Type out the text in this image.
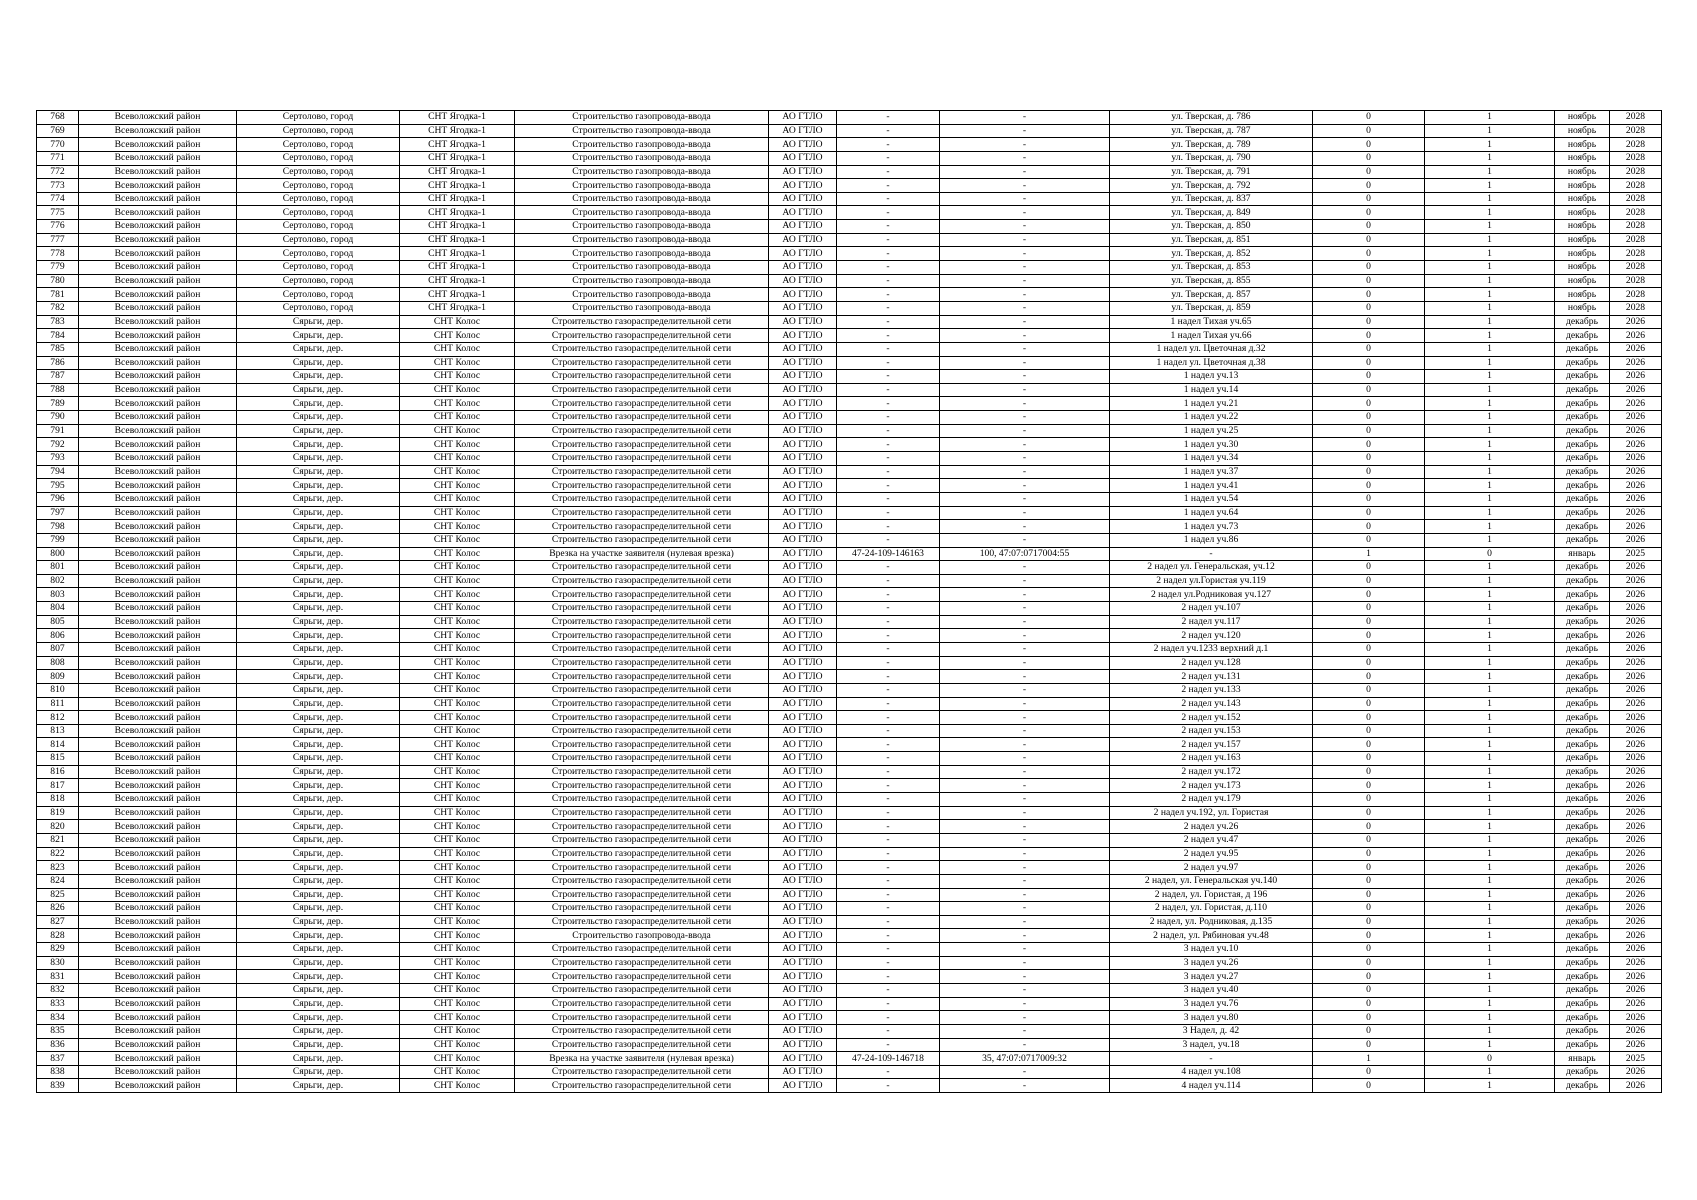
768	Всеволожский район	Сертолово, город	СНТ Ягодка-1	Строительство газопровода-ввода	АО ГТЛО	-	-	ул. Тверская, д. 786	0	1	ноябрь	2028
769	Всеволожский район	Сертолово, город	СНТ Ягодка-1	Строительство газопровода-ввода	АО ГТЛО	-	-	ул. Тверская, д. 787	0	1	ноябрь	2028
770	Всеволожский район	Сертолово, город	СНТ Ягодка-1	Строительство газопровода-ввода	АО ГТЛО	-	-	ул. Тверская, д. 789	0	1	ноябрь	2028
771	Всеволожский район	Сертолово, город	СНТ Ягодка-1	Строительство газопровода-ввода	АО ГТЛО	-	-	ул. Тверская, д. 790	0	1	ноябрь	2028
772	Всеволожский район	Сертолово, город	СНТ Ягодка-1	Строительство газопровода-ввода	АО ГТЛО	-	-	ул. Тверская, д. 791	0	1	ноябрь	2028
773	Всеволожский район	Сертолово, город	СНТ Ягодка-1	Строительство газопровода-ввода	АО ГТЛО	-	-	ул. Тверская, д. 792	0	1	ноябрь	2028
774	Всеволожский район	Сертолово, город	СНТ Ягодка-1	Строительство газопровода-ввода	АО ГТЛО	-	-	ул. Тверская, д. 837	0	1	ноябрь	2028
775	Всеволожский район	Сертолово, город	СНТ Ягодка-1	Строительство газопровода-ввода	АО ГТЛО	-	-	ул. Тверская, д. 849	0	1	ноябрь	2028
776	Всеволожский район	Сертолово, город	СНТ Ягодка-1	Строительство газопровода-ввода	АО ГТЛО	-	-	ул. Тверская, д. 850	0	1	ноябрь	2028
777	Всеволожский район	Сертолово, город	СНТ Ягодка-1	Строительство газопровода-ввода	АО ГТЛО	-	-	ул. Тверская, д. 851	0	1	ноябрь	2028
778	Всеволожский район	Сертолово, город	СНТ Ягодка-1	Строительство газопровода-ввода	АО ГТЛО	-	-	ул. Тверская, д. 852	0	1	ноябрь	2028
779	Всеволожский район	Сертолово, город	СНТ Ягодка-1	Строительство газопровода-ввода	АО ГТЛО	-	-	ул. Тверская, д. 853	0	1	ноябрь	2028
780	Всеволожский район	Сертолово, город	СНТ Ягодка-1	Строительство газопровода-ввода	АО ГТЛО	-	-	ул. Тверская, д. 855	0	1	ноябрь	2028
781	Всеволожский район	Сертолово, город	СНТ Ягодка-1	Строительство газопровода-ввода	АО ГТЛО	-	-	ул. Тверская, д. 857	0	1	ноябрь	2028
782	Всеволожский район	Сертолово, город	СНТ Ягодка-1	Строительство газопровода-ввода	АО ГТЛО	-	-	ул. Тверская, д. 859	0	1	ноябрь	2028
783	Всеволожский район	Сярьги, дер.	СНТ Колос	Строительство газораспределительной сети	АО ГТЛО	-	-	1 надел Тихая уч.65	0	1	декабрь	2026
784	Всеволожский район	Сярьги, дер.	СНТ Колос	Строительство газораспределительной сети	АО ГТЛО	-	-	1 надел Тихая уч.66	0	1	декабрь	2026
785	Всеволожский район	Сярьги, дер.	СНТ Колос	Строительство газораспределительной сети	АО ГТЛО	-	-	1 надел ул. Цветочная д.32	0	1	декабрь	2026
786	Всеволожский район	Сярьги, дер.	СНТ Колос	Строительство газораспределительной сети	АО ГТЛО	-	-	1 надел ул. Цветочная д.38	0	1	декабрь	2026
787	Всеволожский район	Сярьги, дер.	СНТ Колос	Строительство газораспределительной сети	АО ГТЛО	-	-	1 надел уч.13	0	1	декабрь	2026
788	Всеволожский район	Сярьги, дер.	СНТ Колос	Строительство газораспределительной сети	АО ГТЛО	-	-	1 надел уч.14	0	1	декабрь	2026
789	Всеволожский район	Сярьги, дер.	СНТ Колос	Строительство газораспределительной сети	АО ГТЛО	-	-	1 надел уч.21	0	1	декабрь	2026
790	Всеволожский район	Сярьги, дер.	СНТ Колос	Строительство газораспределительной сети	АО ГТЛО	-	-	1 надел уч.22	0	1	декабрь	2026
791	Всеволожский район	Сярьги, дер.	СНТ Колос	Строительство газораспределительной сети	АО ГТЛО	-	-	1 надел уч.25	0	1	декабрь	2026
792	Всеволожский район	Сярьги, дер.	СНТ Колос	Строительство газораспределительной сети	АО ГТЛО	-	-	1 надел уч.30	0	1	декабрь	2026
793	Всеволожский район	Сярьги, дер.	СНТ Колос	Строительство газораспределительной сети	АО ГТЛО	-	-	1 надел уч.34	0	1	декабрь	2026
794	Всеволожский район	Сярьги, дер.	СНТ Колос	Строительство газораспределительной сети	АО ГТЛО	-	-	1 надел уч.37	0	1	декабрь	2026
795	Всеволожский район	Сярьги, дер.	СНТ Колос	Строительство газораспределительной сети	АО ГТЛО	-	-	1 надел уч.41	0	1	декабрь	2026
796	Всеволожский район	Сярьги, дер.	СНТ Колос	Строительство газораспределительной сети	АО ГТЛО	-	-	1 надел уч.54	0	1	декабрь	2026
797	Всеволожский район	Сярьги, дер.	СНТ Колос	Строительство газораспределительной сети	АО ГТЛО	-	-	1 надел уч.64	0	1	декабрь	2026
798	Всеволожский район	Сярьги, дер.	СНТ Колос	Строительство газораспределительной сети	АО ГТЛО	-	-	1 надел уч.73	0	1	декабрь	2026
799	Всеволожский район	Сярьги, дер.	СНТ Колос	Строительство газораспределительной сети	АО ГТЛО	-	-	1 надел уч.86	0	1	декабрь	2026
800	Всеволожский район	Сярьги, дер.	СНТ Колос	Врезка на участке заявителя (нулевая врезка)	АО ГТЛО	47-24-109-146163	100, 47:07:0717004:55	-	1	0	январь	2025
801	Всеволожский район	Сярьги, дер.	СНТ Колос	Строительство газораспределительной сети	АО ГТЛО	-	-	2 надел ул. Генеральская, уч.12	0	1	декабрь	2026
802	Всеволожский район	Сярьги, дер.	СНТ Колос	Строительство газораспределительной сети	АО ГТЛО	-	-	2 надел ул.Гористая уч.119	0	1	декабрь	2026
803	Всеволожский район	Сярьги, дер.	СНТ Колос	Строительство газораспределительной сети	АО ГТЛО	-	-	2 надел ул.Родниковая уч.127	0	1	декабрь	2026
804	Всеволожский район	Сярьги, дер.	СНТ Колос	Строительство газораспределительной сети	АО ГТЛО	-	-	2 надел уч.107	0	1	декабрь	2026
805	Всеволожский район	Сярьги, дер.	СНТ Колос	Строительство газораспределительной сети	АО ГТЛО	-	-	2 надел уч.117	0	1	декабрь	2026
806	Всеволожский район	Сярьги, дер.	СНТ Колос	Строительство газораспределительной сети	АО ГТЛО	-	-	2 надел уч.120	0	1	декабрь	2026
807	Всеволожский район	Сярьги, дер.	СНТ Колос	Строительство газораспределительной сети	АО ГТЛО	-	-	2 надел уч.1233 верхний д.1	0	1	декабрь	2026
808	Всеволожский район	Сярьги, дер.	СНТ Колос	Строительство газораспределительной сети	АО ГТЛО	-	-	2 надел уч.128	0	1	декабрь	2026
809	Всеволожский район	Сярьги, дер.	СНТ Колос	Строительство газораспределительной сети	АО ГТЛО	-	-	2 надел уч.131	0	1	декабрь	2026
810	Всеволожский район	Сярьги, дер.	СНТ Колос	Строительство газораспределительной сети	АО ГТЛО	-	-	2 надел уч.133	0	1	декабрь	2026
811	Всеволожский район	Сярьги, дер.	СНТ Колос	Строительство газораспределительной сети	АО ГТЛО	-	-	2 надел уч.143	0	1	декабрь	2026
812	Всеволожский район	Сярьги, дер.	СНТ Колос	Строительство газораспределительной сети	АО ГТЛО	-	-	2 надел уч.152	0	1	декабрь	2026
813	Всеволожский район	Сярьги, дер.	СНТ Колос	Строительство газораспределительной сети	АО ГТЛО	-	-	2 надел уч.153	0	1	декабрь	2026
814	Всеволожский район	Сярьги, дер.	СНТ Колос	Строительство газораспределительной сети	АО ГТЛО	-	-	2 надел уч.157	0	1	декабрь	2026
815	Всеволожский район	Сярьги, дер.	СНТ Колос	Строительство газораспределительной сети	АО ГТЛО	-	-	2 надел уч.163	0	1	декабрь	2026
816	Всеволожский район	Сярьги, дер.	СНТ Колос	Строительство газораспределительной сети	АО ГТЛО	-	-	2 надел уч.172	0	1	декабрь	2026
817	Всеволожский район	Сярьги, дер.	СНТ Колос	Строительство газораспределительной сети	АО ГТЛО	-	-	2 надел уч.173	0	1	декабрь	2026
818	Всеволожский район	Сярьги, дер.	СНТ Колос	Строительство газораспределительной сети	АО ГТЛО	-	-	2 надел уч.179	0	1	декабрь	2026
819	Всеволожский район	Сярьги, дер.	СНТ Колос	Строительство газораспределительной сети	АО ГТЛО	-	-	2 надел уч.192, ул. Гористая	0	1	декабрь	2026
820	Всеволожский район	Сярьги, дер.	СНТ Колос	Строительство газораспределительной сети	АО ГТЛО	-	-	2 надел уч.26	0	1	декабрь	2026
821	Всеволожский район	Сярьги, дер.	СНТ Колос	Строительство газораспределительной сети	АО ГТЛО	-	-	2 надел уч.47	0	1	декабрь	2026
822	Всеволожский район	Сярьги, дер.	СНТ Колос	Строительство газораспределительной сети	АО ГТЛО	-	-	2 надел уч.95	0	1	декабрь	2026
823	Всеволожский район	Сярьги, дер.	СНТ Колос	Строительство газораспределительной сети	АО ГТЛО	-	-	2 надел уч.97	0	1	декабрь	2026
824	Всеволожский район	Сярьги, дер.	СНТ Колос	Строительство газораспределительной сети	АО ГТЛО	-	-	2 надел, ул. Генеральская уч.140	0	1	декабрь	2026
825	Всеволожский район	Сярьги, дер.	СНТ Колос	Строительство газораспределительной сети	АО ГТЛО	-	-	2 надел, ул. Гористая, д 196	0	1	декабрь	2026
826	Всеволожский район	Сярьги, дер.	СНТ Колос	Строительство газораспределительной сети	АО ГТЛО	-	-	2 надел, ул. Гористая, д.110	0	1	декабрь	2026
827	Всеволожский район	Сярьги, дер.	СНТ Колос	Строительство газораспределительной сети	АО ГТЛО	-	-	2 надел, ул. Родниковая, д.135	0	1	декабрь	2026
828	Всеволожский район	Сярьги, дер.	СНТ Колос	Строительство газопровода-ввода	АО ГТЛО	-	-	2 надел, ул. Рябиновая уч.48	0	1	декабрь	2026
829	Всеволожский район	Сярьги, дер.	СНТ Колос	Строительство газораспределительной сети	АО ГТЛО	-	-	3 надел уч.10	0	1	декабрь	2026
830	Всеволожский район	Сярьги, дер.	СНТ Колос	Строительство газораспределительной сети	АО ГТЛО	-	-	3 надел уч.26	0	1	декабрь	2026
831	Всеволожский район	Сярьги, дер.	СНТ Колос	Строительство газораспределительной сети	АО ГТЛО	-	-	3 надел уч.27	0	1	декабрь	2026
832	Всеволожский район	Сярьги, дер.	СНТ Колос	Строительство газораспределительной сети	АО ГТЛО	-	-	3 надел уч.40	0	1	декабрь	2026
833	Всеволожский район	Сярьги, дер.	СНТ Колос	Строительство газораспределительной сети	АО ГТЛО	-	-	3 надел уч.76	0	1	декабрь	2026
834	Всеволожский район	Сярьги, дер.	СНТ Колос	Строительство газораспределительной сети	АО ГТЛО	-	-	3 надел уч.80	0	1	декабрь	2026
835	Всеволожский район	Сярьги, дер.	СНТ Колос	Строительство газораспределительной сети	АО ГТЛО	-	-	3 Надел, д. 42	0	1	декабрь	2026
836	Всеволожский район	Сярьги, дер.	СНТ Колос	Строительство газораспределительной сети	АО ГТЛО	-	-	3 надел, уч.18	0	1	декабрь	2026
837	Всеволожский район	Сярьги, дер.	СНТ Колос	Врезка на участке заявителя (нулевая врезка)	АО ГТЛО	47-24-109-146718	35, 47:07:0717009:32	-	1	0	январь	2025
838	Всеволожский район	Сярьги, дер.	СНТ Колос	Строительство газораспределительной сети	АО ГТЛО	-	-	4 надел уч.108	0	1	декабрь	2026
839	Всеволожский район	Сярьги, дер.	СНТ Колос	Строительство газораспределительной сети	АО ГТЛО	-	-	4 надел уч.114	0	1	декабрь	2026
